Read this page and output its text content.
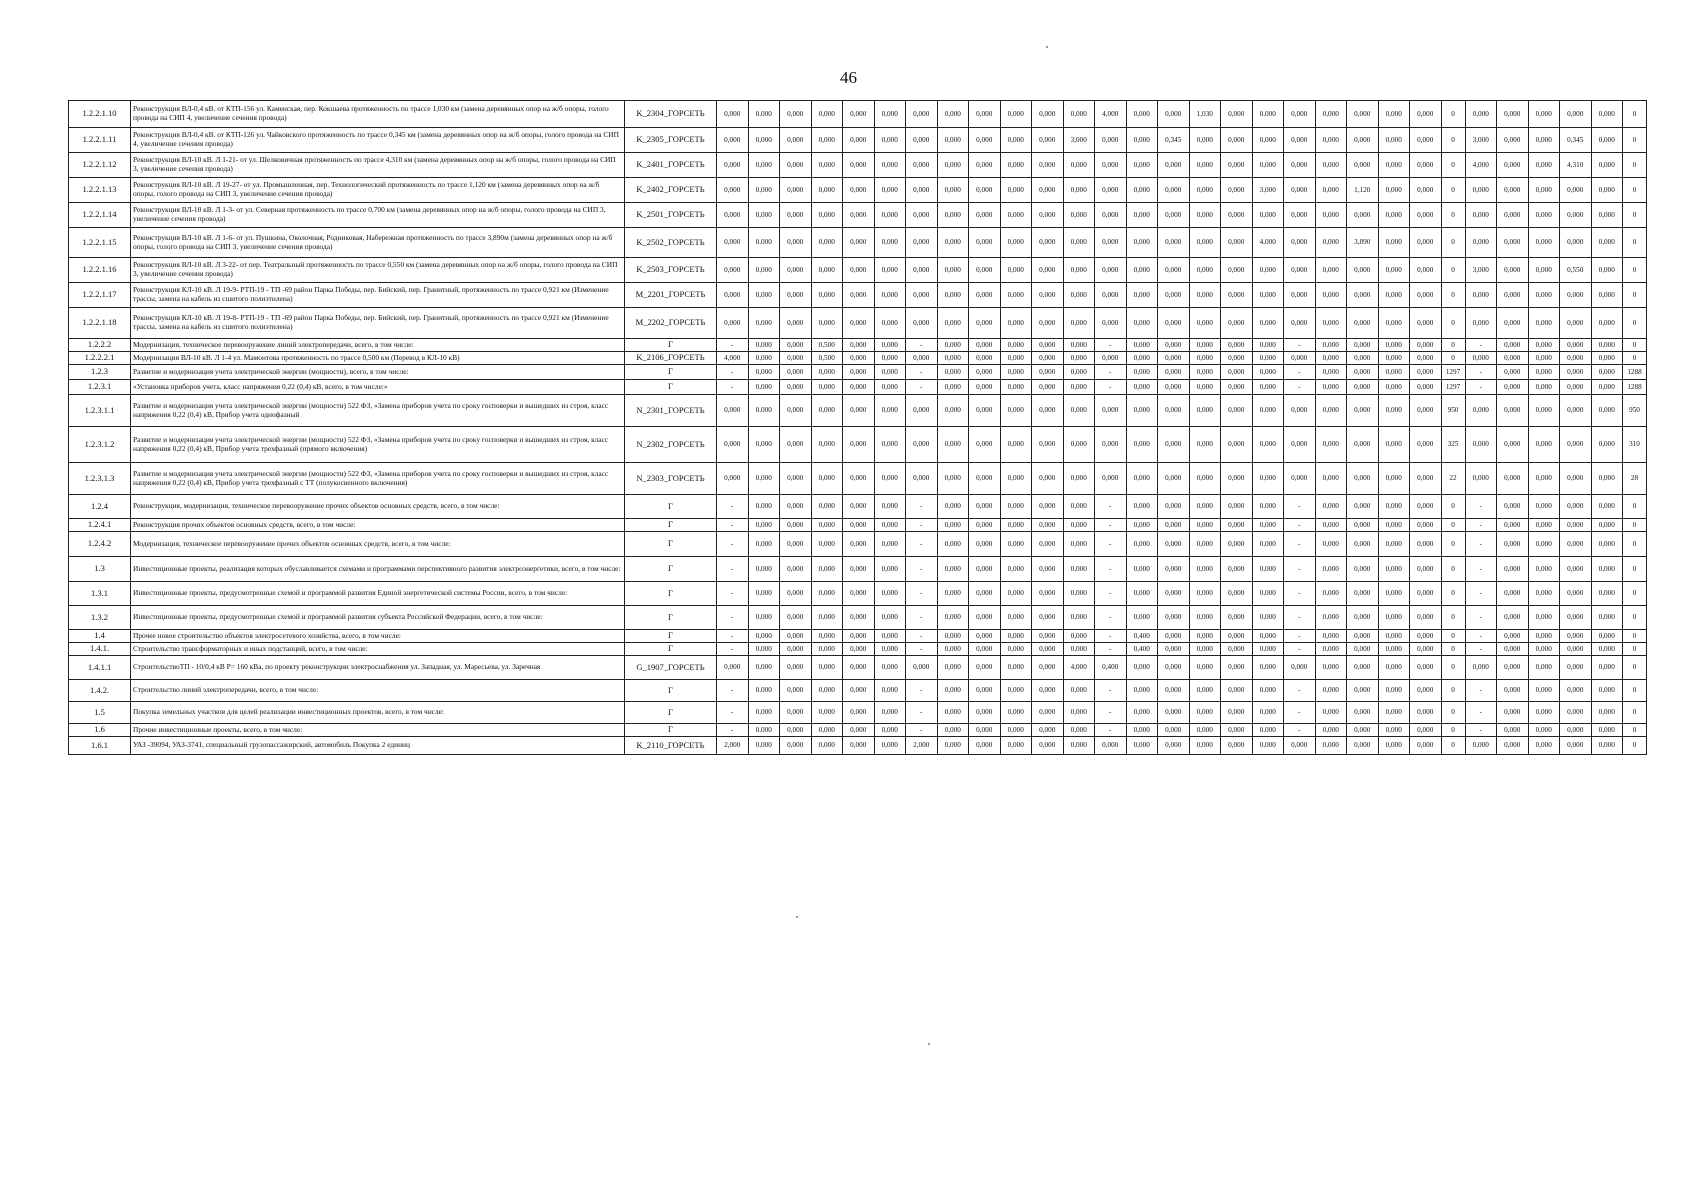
46
1.2.2.1.10	Реконструкция ВЛ-0,4 кВ. от КТП-156 ул. Каменская, пер. Кокшаева протяженность по трассе 1,030 км (замена деревянных опор на ж/б опоры, голого провода на СИП 4, увеличение сечения провода)	K_2304_ГОРСЕТЬ	0,000	0,000	0,000	0,000	0,000	0,000	0,000	0,000	0,000	0,000	0,000	0,000	4,000	0,000	0,000	1,030	0,000	0,000	0,000	0,000	0,000	0,000	0,000	0	0,000	0,000	0,000	0,000	0,000	0
1.2.2.1.11	Реконструкция ВЛ-0,4 кВ. от КТП-126 ул. Чайковского протяженность по трассе 0,345 км (замена деревянных опор на ж/б опоры, голого провода на СИП 4, увеличение сечения провода)	K_2305_ГОРСЕТЬ	0,000	0,000	0,000	0,000	0,000	0,000	0,000	0,000	0,000	0,000	0,000	3,000	0,000	0,000	0,345	0,000	0,000	0,000	0,000	0,000	0,000	0,000	0,000	0	3,000	0,000	0,000	0,345	0,000	0
1.2.2.1.12	Реконструкция ВЛ-10 кВ. Л 1-21- от ул. Шелковичная протяженность по трассе 4,310 км (замена деревянных опор на ж/б опоры, голого провода на СИП 3, увеличение сечения провода)	K_2401_ГОРСЕТЬ	0,000	0,000	0,000	0,000	0,000	0,000	0,000	0,000	0,000	0,000	0,000	0,000	0,000	0,000	0,000	0,000	0,000	0,000	0,000	0,000	0,000	0,000	0,000	0	4,000	0,000	0,000	4,310	0,000	0
1.2.2.1.13	Реконструкция ВЛ-10 кВ. Л 19-27- от ул. Промышленная, пер. Технологический протяженность по трассе 1,120 км (замена деревянных опор на ж/б опоры, голого провода на СИП 3, увеличение сечения провода)	K_2402_ГОРСЕТЬ	0,000	0,000	0,000	0,000	0,000	0,000	0,000	0,000	0,000	0,000	0,000	0,000	0,000	0,000	0,000	0,000	0,000	3,000	0,000	0,000	1,120	0,000	0,000	0	0,000	0,000	0,000	0,000	0,000	0
1.2.2.1.14	Реконструкция ВЛ-10 кВ. Л 1-3- от ул. Северная протяженность по трассе 0,700 км (замена деревянных опор на ж/б опоры, голого провода на СИП 3, увеличение сечения провода)	K_2501_ГОРСЕТЬ	0,000	0,000	0,000	0,000	0,000	0,000	0,000	0,000	0,000	0,000	0,000	0,000	0,000	0,000	0,000	0,000	0,000	0,000	0,000	0,000	0,000	0,000	0,000	0	0,000	0,000	0,000	0,000	0,000	0
1.2.2.1.15	Реконструкция ВЛ-10 кВ. Л 1-6- от ул. Пушкина, Околочная, Родниковая, Набережная протяженность по трассе 3,890м (замена деревянных опор на ж/б опоры, голого провода на СИП 3, увеличение сечения провода)	K_2502_ГОРСЕТЬ	0,000	0,000	0,000	0,000	0,000	0,000	0,000	0,000	0,000	0,000	0,000	0,000	0,000	0,000	0,000	0,000	0,000	4,000	0,000	0,000	3,890	0,000	0,000	0	0,000	0,000	0,000	0,000	0,000	0
1.2.2.1.16	Реконструкция ВЛ-10 кВ. Л 3-22- от пер. Театральный протяженность по трассе 0,550 км (замена деревянных опор на ж/б опоры, голого провода на СИП 3, увеличение сечения провода)	K_2503_ГОРСЕТЬ	0,000	0,000	0,000	0,000	0,000	0,000	0,000	0,000	0,000	0,000	0,000	0,000	0,000	0,000	0,000	0,000	0,000	0,000	0,000	0,000	0,000	0,000	0,000	0	3,000	0,000	0,000	0,550	0,000	0
1.2.2.1.17	Реконструкция КЛ-10 кВ. Л 19-9- РТП-19 - ТП -69 район Парка Победы, пер. Бийский, пер. Гранитный, протяженность по трассе 0,921 км (Изменение трассы, замена на кабель из сшитого полиэтилена)	M_2201_ГОРСЕТЬ	0,000	0,000	0,000	0,000	0,000	0,000	0,000	0,000	0,000	0,000	0,000	0,000	0,000	0,000	0,000	0,000	0,000	0,000	0,000	0,000	0,000	0,000	0,000	0	0,000	0,000	0,000	0,000	0,000	0
1.2.2.1.18	Реконструкция КЛ-10 кВ. Л 19-8- РТП-19 - ТП -69 район Парка Победы, пер. Бийский, пер. Гранитный, протяженность по трассе 0,921 км (Изменение трассы, замена на кабель из сшитого полиэтилена)	M_2202_ГОРСЕТЬ	0,000	0,000	0,000	0,000	0,000	0,000	0,000	0,000	0,000	0,000	0,000	0,000	0,000	0,000	0,000	0,000	0,000	0,000	0,000	0,000	0,000	0,000	0,000	0	0,000	0,000	0,000	0,000	0,000	0
1.2.2.2	Модернизация, техническое перевооружение линий электропередачи, всего, в том числе:	Г	-	0,000	0,000	0,500	0,000	0,000	-	0,000	0,000	0,000	0,000	0,000	-	0,000	0,000	0,000	0,000	0,000	-	0,000	0,000	0,000	0,000	0	-	0,000	0,000	0,000	0,000	0
1.2.2.2.1	Модернизация ВЛ-10 кВ. Л 1-4 ул. Мамонтова протяженность по трассе 0,500 км (Перевод в КЛ-10 кВ)	K_2106_ГОРСЕТЬ	4,000	0,000	0,000	0,500	0,000	0,000	0,000	0,000	0,000	0,000	0,000	0,000	0,000	0,000	0,000	0,000	0,000	0,000	0,000	0,000	0,000	0,000	0,000	0	0,000	0,000	0,000	0,000	0,000	0
1.2.3	Развитие и модернизация учета электрической энергии (мощности), всего, в том числе:	Г	-	0,000	0,000	0,000	0,000	0,000	-	0,000	0,000	0,000	0,000	0,000	-	0,000	0,000	0,000	0,000	0,000	-	0,000	0,000	0,000	0,000	1297	-	0,000	0,000	0,000	0,000	1288
1.2.3.1	«Установка приборов учета, класс напряжения 0,22 (0,4) кВ, всего, в том числе:»	Г	-	0,000	0,000	0,000	0,000	0,000	-	0,000	0,000	0,000	0,000	0,000	-	0,000	0,000	0,000	0,000	0,000	-	0,000	0,000	0,000	0,000	1297	-	0,000	0,000	0,000	0,000	1288
1.2.3.1.1	Развитие и модернизация учета электрической энергии (мощности) 522 ФЗ, «Замена приборов учета по сроку госповерки и вышедших из строя, класс напряжения 0,22 (0,4) кВ, Прибор учета однофазный	N_2301_ГОРСЕТЬ	0,000	0,000	0,000	0,000	0,000	0,000	0,000	0,000	0,000	0,000	0,000	0,000	0,000	0,000	0,000	0,000	0,000	0,000	0,000	0,000	0,000	0,000	0,000	950	0,000	0,000	0,000	0,000	0,000	950
1.2.3.1.2	Развитие и модернизация учета электрической энергии (мощности) 522 ФЗ, «Замена приборов учета по сроку госповерки и вышедших из строя, класс напряжения 0,22 (0,4) кВ, Прибор учета трехфазный (прямого включения)	N_2302_ГОРСЕТЬ	0,000	0,000	0,000	0,000	0,000	0,000	0,000	0,000	0,000	0,000	0,000	0,000	0,000	0,000	0,000	0,000	0,000	0,000	0,000	0,000	0,000	0,000	0,000	325	0,000	0,000	0,000	0,000	0,000	310
1.2.3.1.3	Развитие и модернизация учета электрической энергии (мощности) 522 ФЗ, «Замена приборов учета по сроку госповерки и вышедших из строя, класс напряжения 0,22 (0,4) кВ, Прибор учета трехфазный с ТТ (полукосвенного включения)	N_2303_ГОРСЕТЬ	0,000	0,000	0,000	0,000	0,000	0,000	0,000	0,000	0,000	0,000	0,000	0,000	0,000	0,000	0,000	0,000	0,000	0,000	0,000	0,000	0,000	0,000	0,000	22	0,000	0,000	0,000	0,000	0,000	28
1.2.4	Реконструкция, модернизация, техническое перевооружение прочих объектов основных средств, всего, в том числе:	Г	-	0,000	0,000	0,000	0,000	0,000	-	0,000	0,000	0,000	0,000	0,000	-	0,000	0,000	0,000	0,000	0,000	-	0,000	0,000	0,000	0,000	0	-	0,000	0,000	0,000	0,000	0
1.2.4.1	Реконструкция прочих объектов основных средств, всего, в том числе:	Г	-	0,000	0,000	0,000	0,000	0,000	-	0,000	0,000	0,000	0,000	0,000	-	0,000	0,000	0,000	0,000	0,000	-	0,000	0,000	0,000	0,000	0	-	0,000	0,000	0,000	0,000	0
1.2.4.2	Модернизация, техническое перевооружение прочих объектов основных средств, всего, в том числе:	Г	-	0,000	0,000	0,000	0,000	0,000	-	0,000	0,000	0,000	0,000	0,000	-	0,000	0,000	0,000	0,000	0,000	-	0,000	0,000	0,000	0,000	0	-	0,000	0,000	0,000	0,000	0
1.3	Инвестиционные проекты, реализация которых обуславливается схемами и программами перспективного развития электроэнергетики, всего, в том числе:	Г	-	0,000	0,000	0,000	0,000	0,000	-	0,000	0,000	0,000	0,000	0,000	-	0,000	0,000	0,000	0,000	0,000	-	0,000	0,000	0,000	0,000	0	-	0,000	0,000	0,000	0,000	0
1.3.1	Инвестиционные проекты, предусмотренные схемой и программой развития Единой энергетической системы России, всего, в том числе:	Г	-	0,000	0,000	0,000	0,000	0,000	-	0,000	0,000	0,000	0,000	0,000	-	0,000	0,000	0,000	0,000	0,000	-	0,000	0,000	0,000	0,000	0	-	0,000	0,000	0,000	0,000	0
1.3.2	Инвестиционные проекты, предусмотренные схемой и программой развития субъекта Российской Федерации, всего, в том числе:	Г	-	0,000	0,000	0,000	0,000	0,000	-	0,000	0,000	0,000	0,000	0,000	-	0,000	0,000	0,000	0,000	0,000	-	0,000	0,000	0,000	0,000	0	-	0,000	0,000	0,000	0,000	0
1.4	Прочее новое строительство объектов электросетевого хозяйства, всего, в том числе:	Г	-	0,000	0,000	0,000	0,000	0,000	-	0,000	0,000	0,000	0,000	0,000	-	0,400	0,000	0,000	0,000	0,000	-	0,000	0,000	0,000	0,000	0	-	0,000	0,000	0,000	0,000	0
1.4.1.	Строительство трансформаторных и иных подстанций, всего, в том числе:	Г	-	0,000	0,000	0,000	0,000	0,000	-	0,000	0,000	0,000	0,000	0,000	-	0,400	0,000	0,000	0,000	0,000	-	0,000	0,000	0,000	0,000	0	-	0,000	0,000	0,000	0,000	0
1.4.1.1	СтроительствоТП - 10/0,4 кВ Р= 160 кВа, по проекту реконструкции электроснабжения ул. Западная, ул. Маресьева, ул. Заречная	G_1907_ГОРСЕТЬ	0,000	0,000	0,000	0,000	0,000	0,000	0,000	0,000	0,000	0,000	0,000	4,000	0,400	0,000	0,000	0,000	0,000	0,000	0,000	0,000	0,000	0,000	0,000	0	0,000	0,000	0,000	0,000	0,000	0
1.4.2.	Строительство линий электропередачи, всего, в том числе:	Г	-	0,000	0,000	0,000	0,000	0,000	-	0,000	0,000	0,000	0,000	0,000	-	0,000	0,000	0,000	0,000	0,000	-	0,000	0,000	0,000	0,000	0	-	0,000	0,000	0,000	0,000	0
1.5	Покупка земельных участков для целей реализации инвестиционных проектов, всего, в том числе:	Г	-	0,000	0,000	0,000	0,000	0,000	-	0,000	0,000	0,000	0,000	0,000	-	0,000	0,000	0,000	0,000	0,000	-	0,000	0,000	0,000	0,000	0	-	0,000	0,000	0,000	0,000	0
1.6	Прочие инвестиционные проекты, всего, в том числе:	Г	-	0,000	0,000	0,000	0,000	0,000	-	0,000	0,000	0,000	0,000	0,000	-	0,000	0,000	0,000	0,000	0,000	-	0,000	0,000	0,000	0,000	0	-	0,000	0,000	0,000	0,000	0
1.6.1	УАЗ -39094, УАЗ-3741, специальный грузопассажирский, автомобиль Покупка 2 единиц	K_2110_ГОРСЕТЬ	2,000	0,000	0,000	0,000	0,000	0,000	2,000	0,000	0,000	0,000	0,000	0,000	0,000	0,000	0,000	0,000	0,000	0,000	0,000	0,000	0,000	0,000	0,000	0	0,000	0,000	0,000	0,000	0,000	0
